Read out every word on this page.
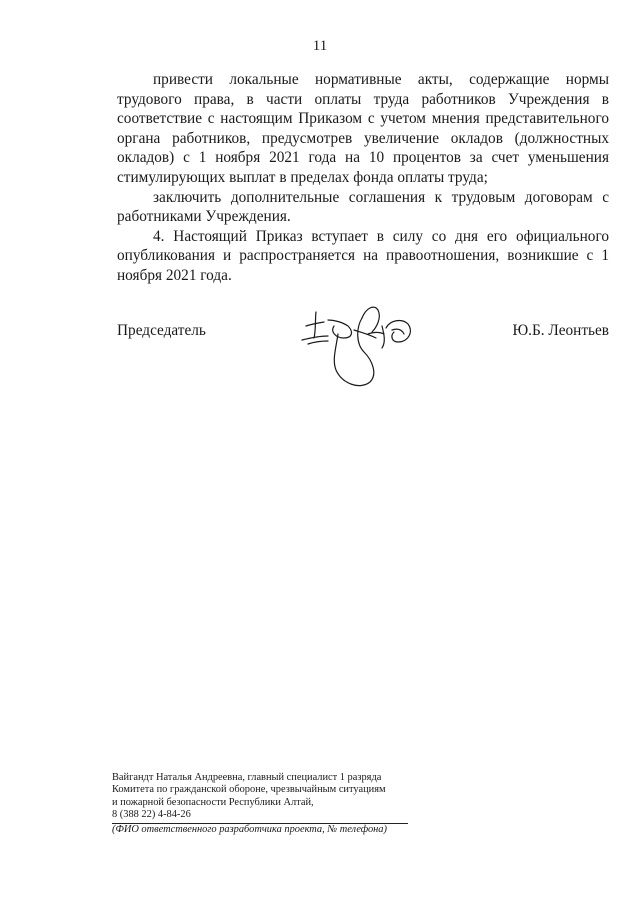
11

привести локальные нормативные акты, содержащие нормы трудового права, в части оплаты труда работников Учреждения в соответствие с настоящим Приказом с учетом мнения представительного органа работников, предусмотрев увеличение окладов (должностных окладов) с 1 ноября 2021 года на 10 процентов за счет уменьшения стимулирующих выплат в пределах фонда оплаты труда;

заключить дополнительные соглашения к трудовым договорам с работниками Учреждения.

4. Настоящий Приказ вступает в силу со дня его официального опубликования и распространяется на правоотношения, возникшие с 1 ноября 2021 года.

Председатель	Ю.Б. Леонтьев
Вайгандт Наталья Андреевна, главный специалист 1 разряда
Комитета по гражданской обороне, чрезвычайным ситуациям
и пожарной безопасности Республики Алтай,
8 (388 22) 4-84-26
(ФИО ответственного разработчика проекта, № телефона)
